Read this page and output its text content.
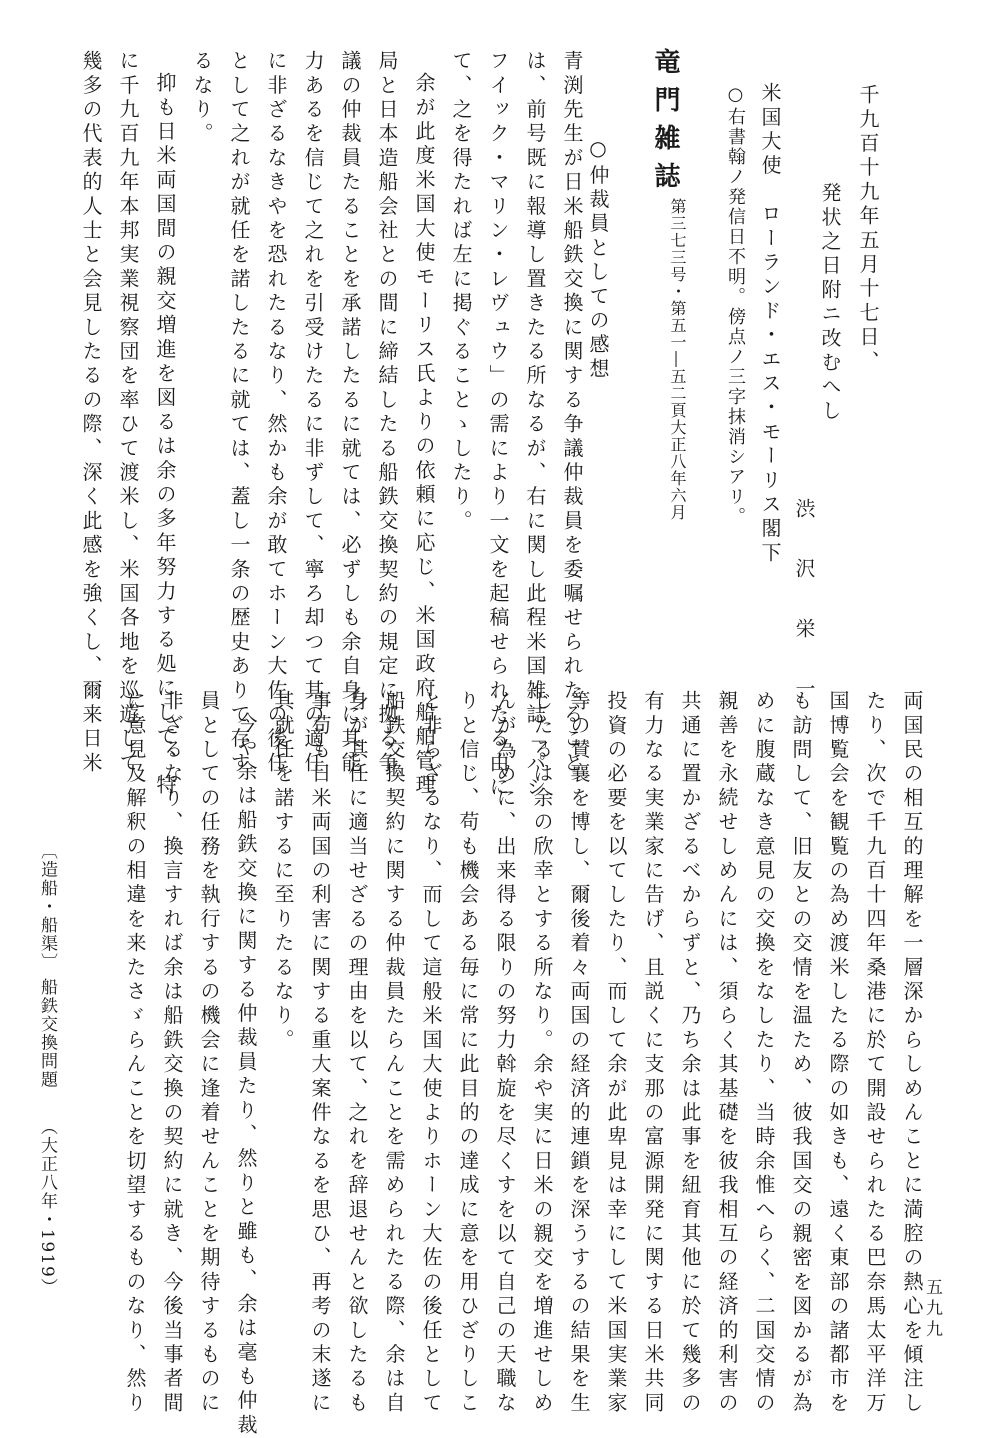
千九百十九年五月十七日、
発状之日附ニ改むへし
渋　沢　栄　一
米国大使　ローランド・エス・モーリス閣下
○右書翰ノ発信日不明。傍点ノ三字抹消シアリ。
竜門雑誌
第三七三号・第五一―五二頁大正八年六月
○仲裁員としての感想
青渕先生が日米船鉄交換に関する争議仲裁員を委嘱せられたること
は、前号既に報導し置きたる所なるが、右に関し此程米国雑誌「パシ
フイック・マリン・レヴュウ」の需により一文を起稿せられたる由に
て、之を得たれば左に掲ぐることゝしたり。
余が此度米国大使モーリス氏よりの依頼に応じ、米国政府船舶管理
局と日本造船会社との間に締結したる船鉄交換契約の規定に拠る争
議の仲裁員たることを承諾したるに就ては、必ずしも余自身に其能
力あるを信じて之れを引受けたるに非ずして、寧ろ却つて其の適任
に非ざるなきやを恐れたるなり、然かも余が敢てホーン大佐の後任
として之れが就任を諾したるに就ては、蓋し一条の歴史ありて存す
るなり。
抑も日米両国間の親交増進を図るは余の多年努力する処にして、特
に千九百九年本邦実業視察団を率ひて渡米し、米国各地を巡遊して
幾多の代表的人士と会見したるの際、深く此感を強くし、爾来日米
両国民の相互的理解を一層深からしめんことに満腔の熱心を傾注し
たり、次で千九百十四年桑港に於て開設せられたる巴奈馬太平洋万
国博覧会を観覧の為め渡米したる際の如きも、遠く東部の諸都市を
も訪問して、旧友との交情を温ため、彼我国交の親密を図かるが為
めに腹蔵なき意見の交換をなしたり、当時余惟へらく、二国交情の
親善を永続せしめんには、須らく其基礎を彼我相互の経済的利害の
共通に置かざるべからずと、乃ち余は此事を紐育其他に於て幾多の
有力なる実業家に告げ、且説くに支那の富源開発に関する日米共同
投資の必要を以てしたり、而して余が此卑見は幸にして米国実業家
等の賛襄を博し、爾後着々両国の経済的連鎖を深うするの結果を生
じたるは余の欣幸とする所なり。余や実に日米の親交を増進せしめ
んが為めに、出来得る限りの努力斡旋を尽くすを以て自己の天職な
りと信じ、苟も機会ある毎に常に此目的の達成に意を用ひざりしこ
と非らざるなり、而して這般米国大使よりホーン大佐の後任として
船鉄交換契約に関する仲裁員たらんことを需められたる際、余は自
身が其任に適当せざるの理由を以て、之れを辞退せんと欲したるも
事苟も日米両国の利害に関する重大案件なるを思ひ、再考の末遂に
其就任を諾するに至りたるなり。
今や余は船鉄交換に関する仲裁員たり、然りと雖も、余は毫も仲裁
員としての任務を執行するの機会に逢着せんことを期待するものに
非ざるなり、換言すれば余は船鉄交換の契約に就き、今後当事者間
に意見及解釈の相違を来たさゞらんことを切望するものなり、然り
〔造船・船渠〕
船鉄交換問題
（大正八年・1919）
五九九
